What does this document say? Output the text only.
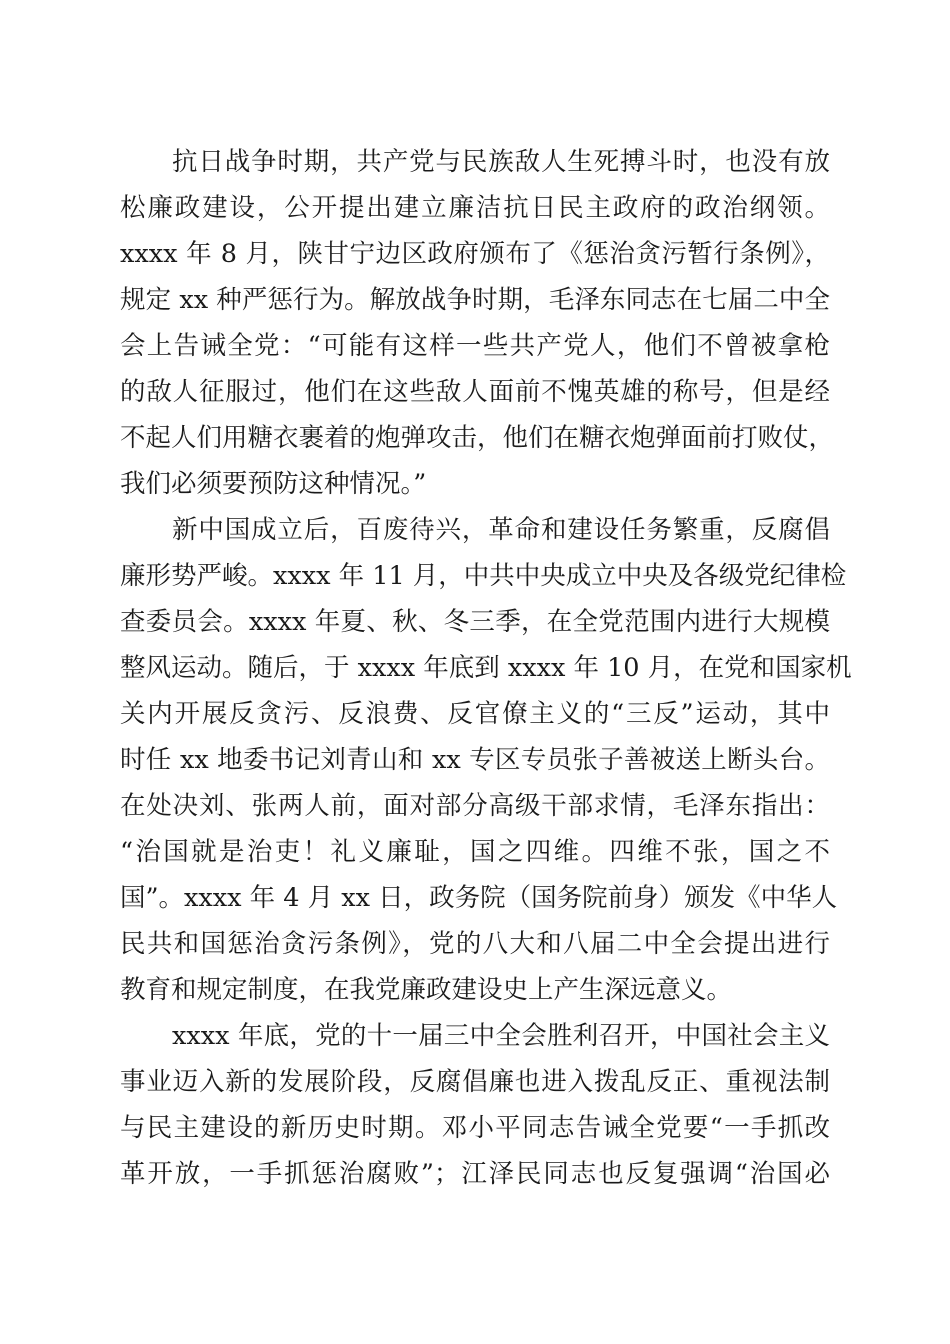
抗日战争时期，共产党与民族敌人生死搏斗时，也没有放
松廉政建设，公开提出建立廉洁抗日民主政府的政治纲领。
xxxx 年 8 月，陕甘宁边区政府颁布了《惩治贪污暂行条例》，
规定 xx 种严惩行为。解放战争时期，毛泽东同志在七届二中全
会上告诫全党：“可能有这样一些共产党人，他们不曾被拿枪
的敌人征服过，他们在这些敌人面前不愧英雄的称号，但是经
不起人们用糖衣裹着的炮弹攻击，他们在糖衣炮弹面前打败仗，
我们必须要预防这种情况。”
新中国成立后，百废待兴，革命和建设任务繁重，反腐倡
廉形势严峻。xxxx 年 11 月，中共中央成立中央及各级党纪律检
查委员会。xxxx 年夏、秋、冬三季，在全党范围内进行大规模
整风运动。随后，于 xxxx 年底到 xxxx 年 10 月，在党和国家机
关内开展反贪污、反浪费、反官僚主义的“三反”运动，其中
时任 xx 地委书记刘青山和 xx 专区专员张子善被送上断头台。
在处决刘、张两人前，面对部分高级干部求情，毛泽东指出：
“治国就是治吏！礼义廉耻，国之四维。四维不张，国之不
国”。xxxx 年 4 月 xx 日，政务院（国务院前身）颁发《中华人
民共和国惩治贪污条例》，党的八大和八届二中全会提出进行
教育和规定制度，在我党廉政建设史上产生深远意义。
xxxx 年底，党的十一届三中全会胜利召开，中国社会主义
事业迈入新的发展阶段，反腐倡廉也进入拨乱反正、重视法制
与民主建设的新历史时期。邓小平同志告诫全党要“一手抓改
革开放，一手抓惩治腐败”；江泽民同志也反复强调“治国必
